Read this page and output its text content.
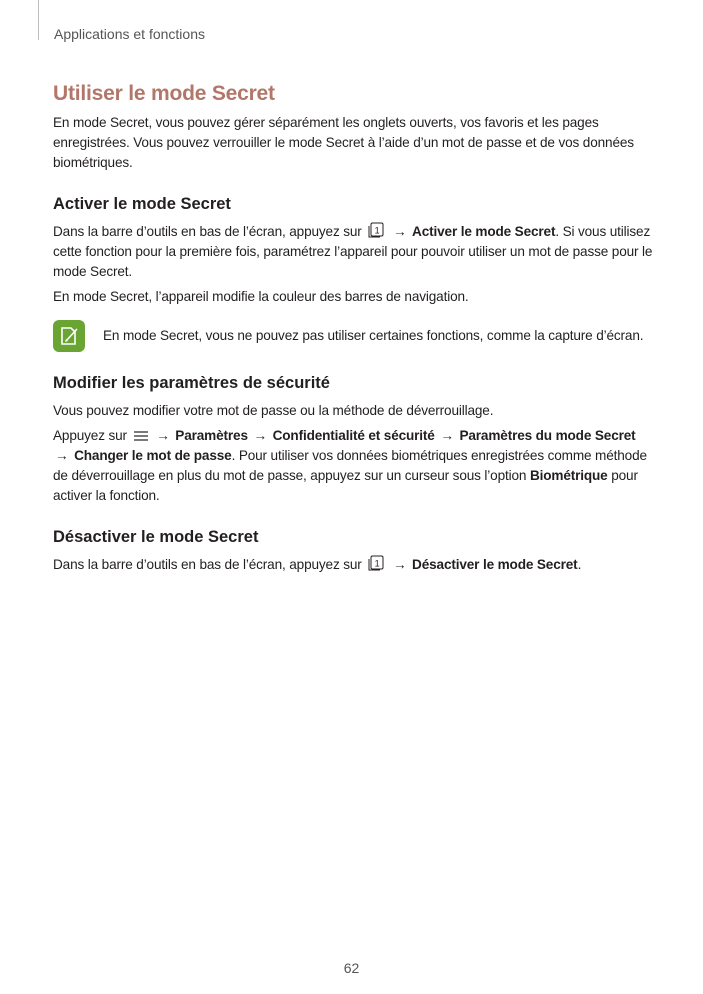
Applications et fonctions
Utiliser le mode Secret

En mode Secret, vous pouvez gérer séparément les onglets ouverts, vos favoris et les pages enregistrées. Vous pouvez verrouiller le mode Secret à l’aide d’un mot de passe et de vos données biométriques.

Activer le mode Secret

Dans la barre d’outils en bas de l’écran, appuyez sur 1 → Activer le mode Secret. Si vous utilisez cette fonction pour la première fois, paramétrez l’appareil pour pouvoir utiliser un mot de passe pour le mode Secret.

En mode Secret, l’appareil modifie la couleur des barres de navigation.

En mode Secret, vous ne pouvez pas utiliser certaines fonctions, comme la capture d’écran.
Modifier les paramètres de sécurité

Vous pouvez modifier votre mot de passe ou la méthode de déverrouillage.

Appuyez sur → Paramètres → Confidentialité et sécurité → Paramètres du mode Secret → Changer le mot de passe. Pour utiliser vos données biométriques enregistrées comme méthode de déverrouillage en plus du mot de passe, appuyez sur un curseur sous l’option Biométrique pour activer la fonction.

Désactiver le mode Secret

Dans la barre d’outils en bas de l’écran, appuyez sur 1 → Désactiver le mode Secret.

62
